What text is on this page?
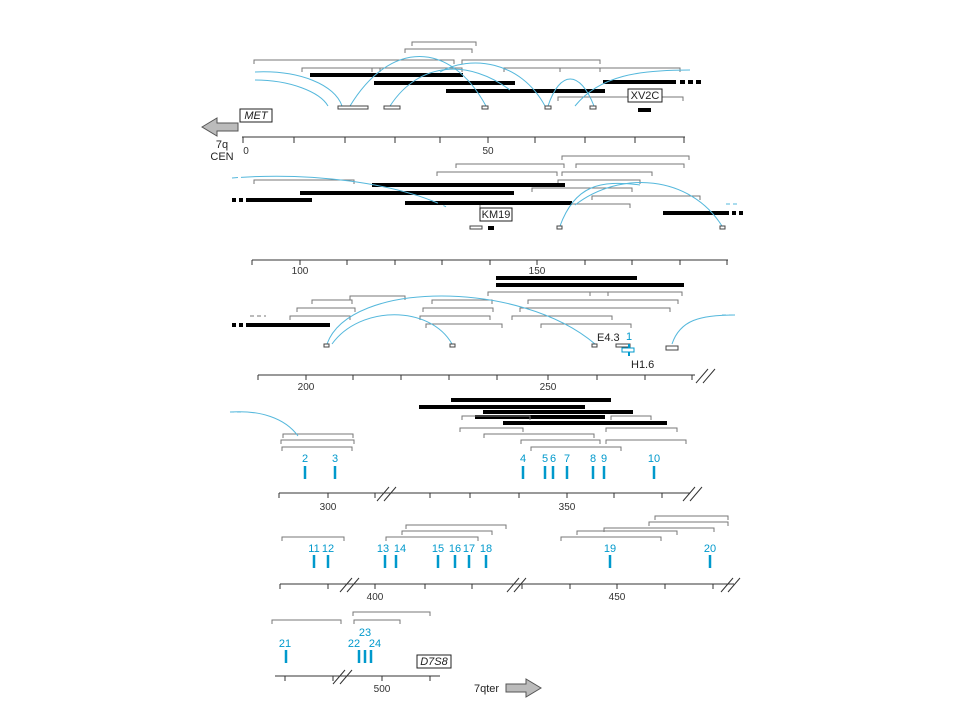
XV2C
MET
7q
CEN 0	50
KM19
100	150
E4.3 1
H1.6
200	250
2 3	4 5 6 7 8 9	10
300	350
11 12	13 14 15 16 17 18	19	20
400	450
21	22
23
24
D7S8
500	7qter
